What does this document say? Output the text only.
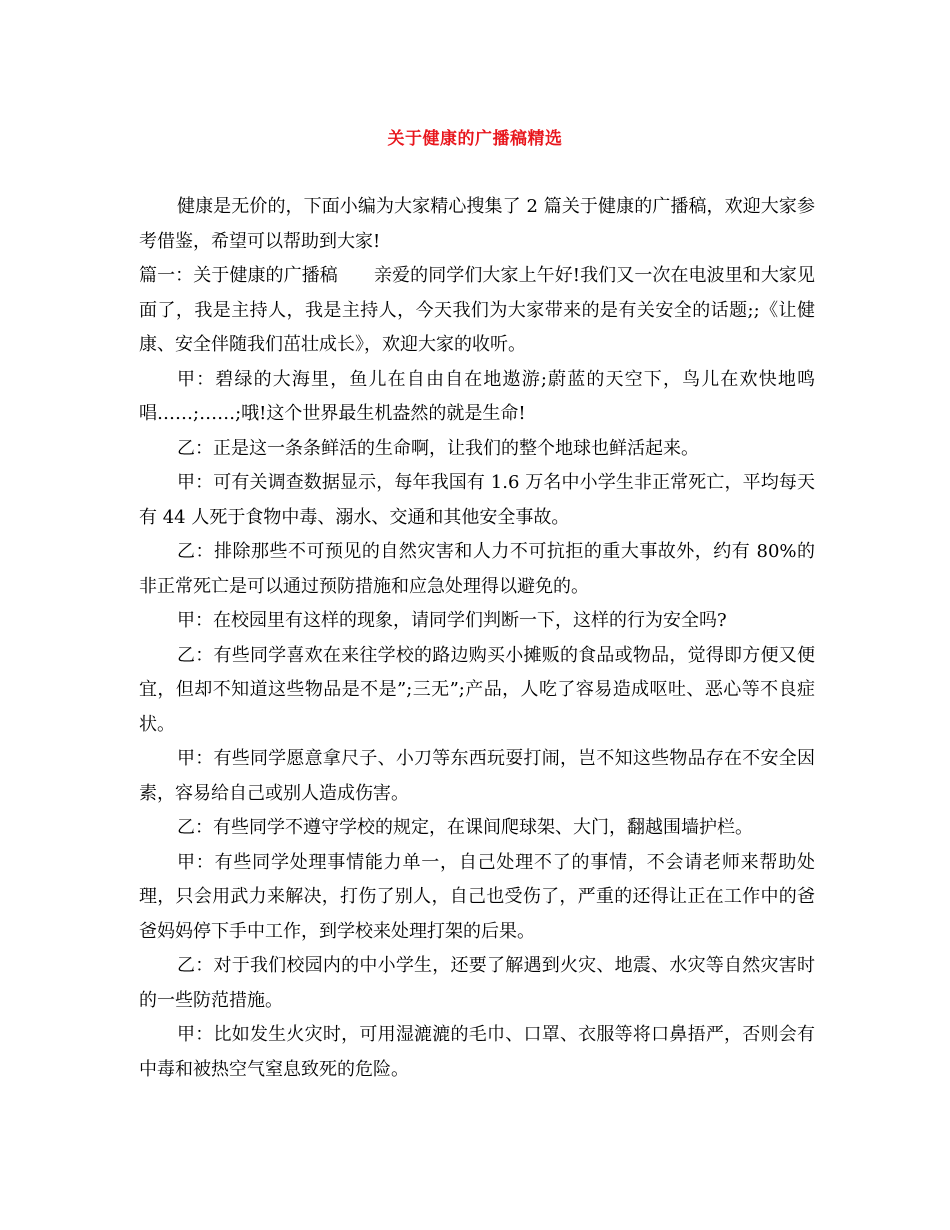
关于健康的广播稿精选

健康是无价的，下面小编为大家精心搜集了 2 篇关于健康的广播稿，欢迎大家参考借鉴，希望可以帮助到大家!

篇一：关于健康的广播稿　　亲爱的同学们大家上午好!我们又一次在电波里和大家见面了，我是主持人，我是主持人，今天我们为大家带来的是有关安全的话题;;《让健康、安全伴随我们茁壮成长》，欢迎大家的收听。

甲：碧绿的大海里，鱼儿在自由自在地遨游;蔚蓝的天空下，鸟儿在欢快地鸣唱……;……;哦!这个世界最生机盎然的就是生命!

乙：正是这一条条鲜活的生命啊，让我们的整个地球也鲜活起来。

甲：可有关调查数据显示，每年我国有 1.6 万名中小学生非正常死亡，平均每天有 44 人死于食物中毒、溺水、交通和其他安全事故。

乙：排除那些不可预见的自然灾害和人力不可抗拒的重大事故外，约有 80%的非正常死亡是可以通过预防措施和应急处理得以避免的。

甲：在校园里有这样的现象，请同学们判断一下，这样的行为安全吗?

乙：有些同学喜欢在来往学校的路边购买小摊贩的食品或物品，觉得即方便又便宜，但却不知道这些物品是不是”;三无”;产品，人吃了容易造成呕吐、恶心等不良症状。

甲：有些同学愿意拿尺子、小刀等东西玩耍打闹，岂不知这些物品存在不安全因素，容易给自己或别人造成伤害。

乙：有些同学不遵守学校的规定，在课间爬球架、大门，翻越围墙护栏。

甲：有些同学处理事情能力单一，自己处理不了的事情，不会请老师来帮助处理，只会用武力来解决，打伤了别人，自己也受伤了，严重的还得让正在工作中的爸爸妈妈停下手中工作，到学校来处理打架的后果。

乙：对于我们校园内的中小学生，还要了解遇到火灾、地震、水灾等自然灾害时的一些防范措施。

甲：比如发生火灾时，可用湿漉漉的毛巾、口罩、衣服等将口鼻捂严，否则会有中毒和被热空气窒息致死的危险。
